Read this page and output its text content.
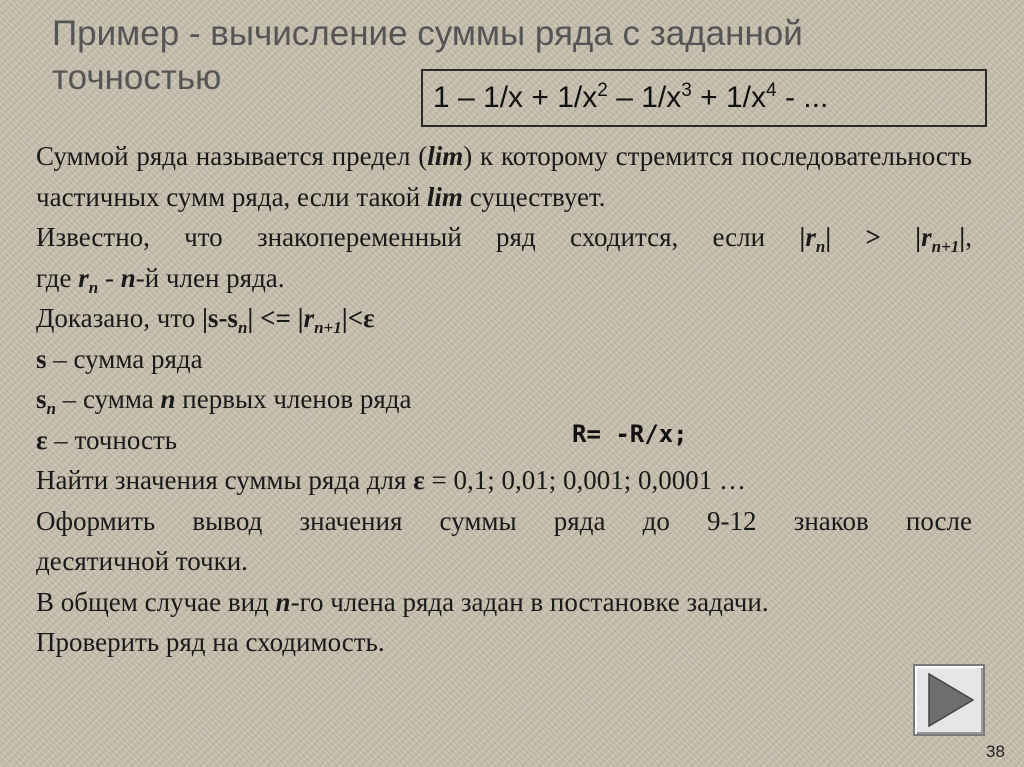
Пример - вычисление суммы ряда с заданной
точностью
$1 - 1/x + 1/x^2 - 1/x^3 + 1/x^4$ - ...

Суммой ряда называется предел (lim) к которому стремится последовательность частичных сумм ряда, если такой lim существует.

Известно, что знакопеременный ряд сходится, если $|r_n| > |r_{n+1}|$,

где $r_n - n-й$ член ряда.

Доказано, что $|s-s_n| <= |r_{n+1}|<\varepsilon$

s – сумма ряда

$s_n$ – сумма n первых членов ряда

ε – точность

Найти значения суммы ряда для ε = 0,1; 0,01; 0,001; 0,0001 …

Оформить вывод значения суммы ряда до 9-12 знаков после

десятичной точки.

В общем случае вид n-го члена ряда задан в постановке задачи.

Проверить ряд на сходимость.

R= -R/x;
38
